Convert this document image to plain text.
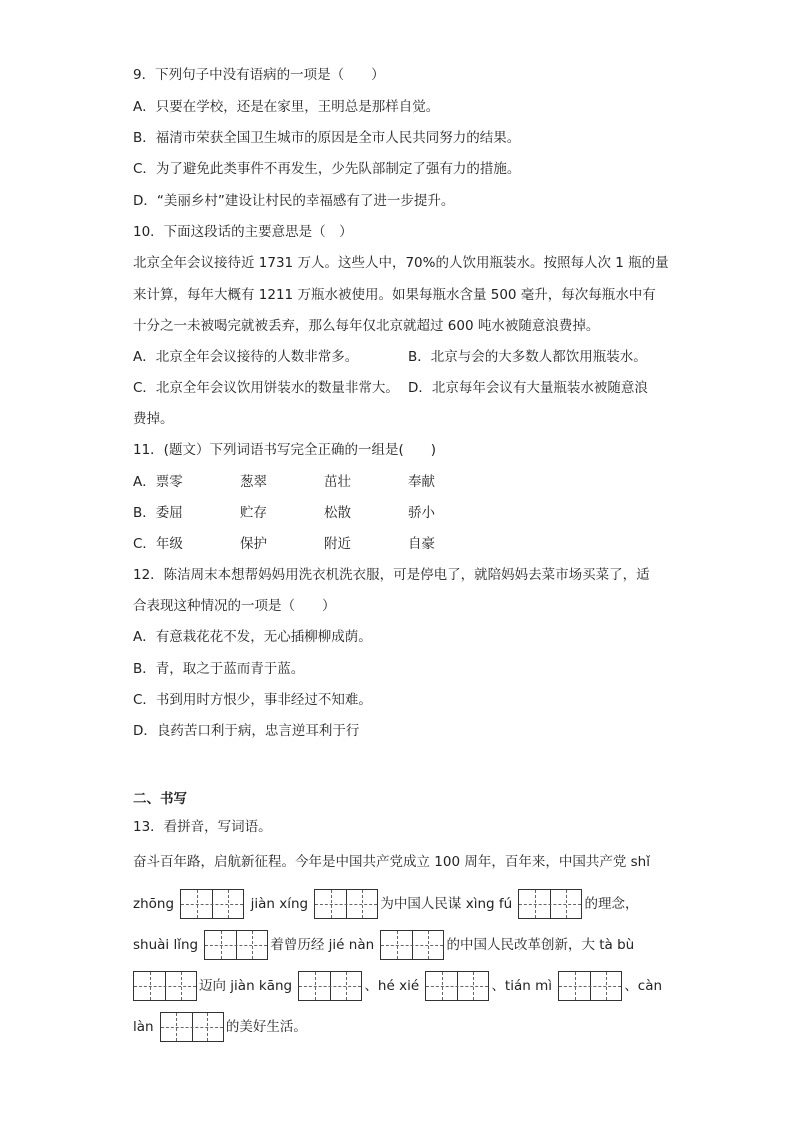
9．下列句子中没有语病的一项是（　　）
A．只要在学校，还是在家里，王明总是那样自觉。
B．福清市荣获全国卫生城市的原因是全市人民共同努力的结果。
C．为了避免此类事件不再发生，少先队部制定了强有力的措施。
D．“美丽乡村”建设让村民的幸福感有了进一步提升。
10．下面这段话的主要意思是（　）
北京全年会议接待近 1731 万人。这些人中，70%的人饮用瓶装水。按照每人次 1 瓶的量
来计算，每年大概有 1211 万瓶水被使用。如果每瓶水含量 500 毫升，每次每瓶水中有
十分之一未被喝完就被丢弃，那么每年仅北京就超过 600 吨水被随意浪费掉。
A．北京全年会议接待的人数非常多。	B．北京与会的大多数人都饮用瓶装水。
C．北京全年会议饮用饼装水的数量非常大。 D．北京每年会议有大量瓶装水被随意浪
费掉。
11．(题文）下列词语书写完全正确的一组是(　　)
A．票零	葱翠	茁壮	奉献
B．委屈	贮存	松散	骄小
C．年级	保护	附近	自豪
12．陈洁周末本想帮妈妈用洗衣机洗衣服，可是停电了，就陪妈妈去菜市场买菜了，适
合表现这种情况的一项是（　　）
A．有意栽花花不发，无心插柳柳成荫。
B．青，取之于蓝而青于蓝。
C．书到用时方恨少，事非经过不知难。
D．良药苦口利于病，忠言逆耳利于行
二、书写
13．看拼音，写词语。
奋斗百年路，启航新征程。今年是中国共产党成立 100 周年，百年来，中国共产党 shǐ
zhōng	jiàn xíng	为中国人民谋 xìng fú	的理念，
shuài lǐng	着曾历经 jié nàn	的中国人民改革创新，大 tà bù
迈向 jiàn kāng	、hé xié	、tián mì	、càn
làn	的美好生活。
